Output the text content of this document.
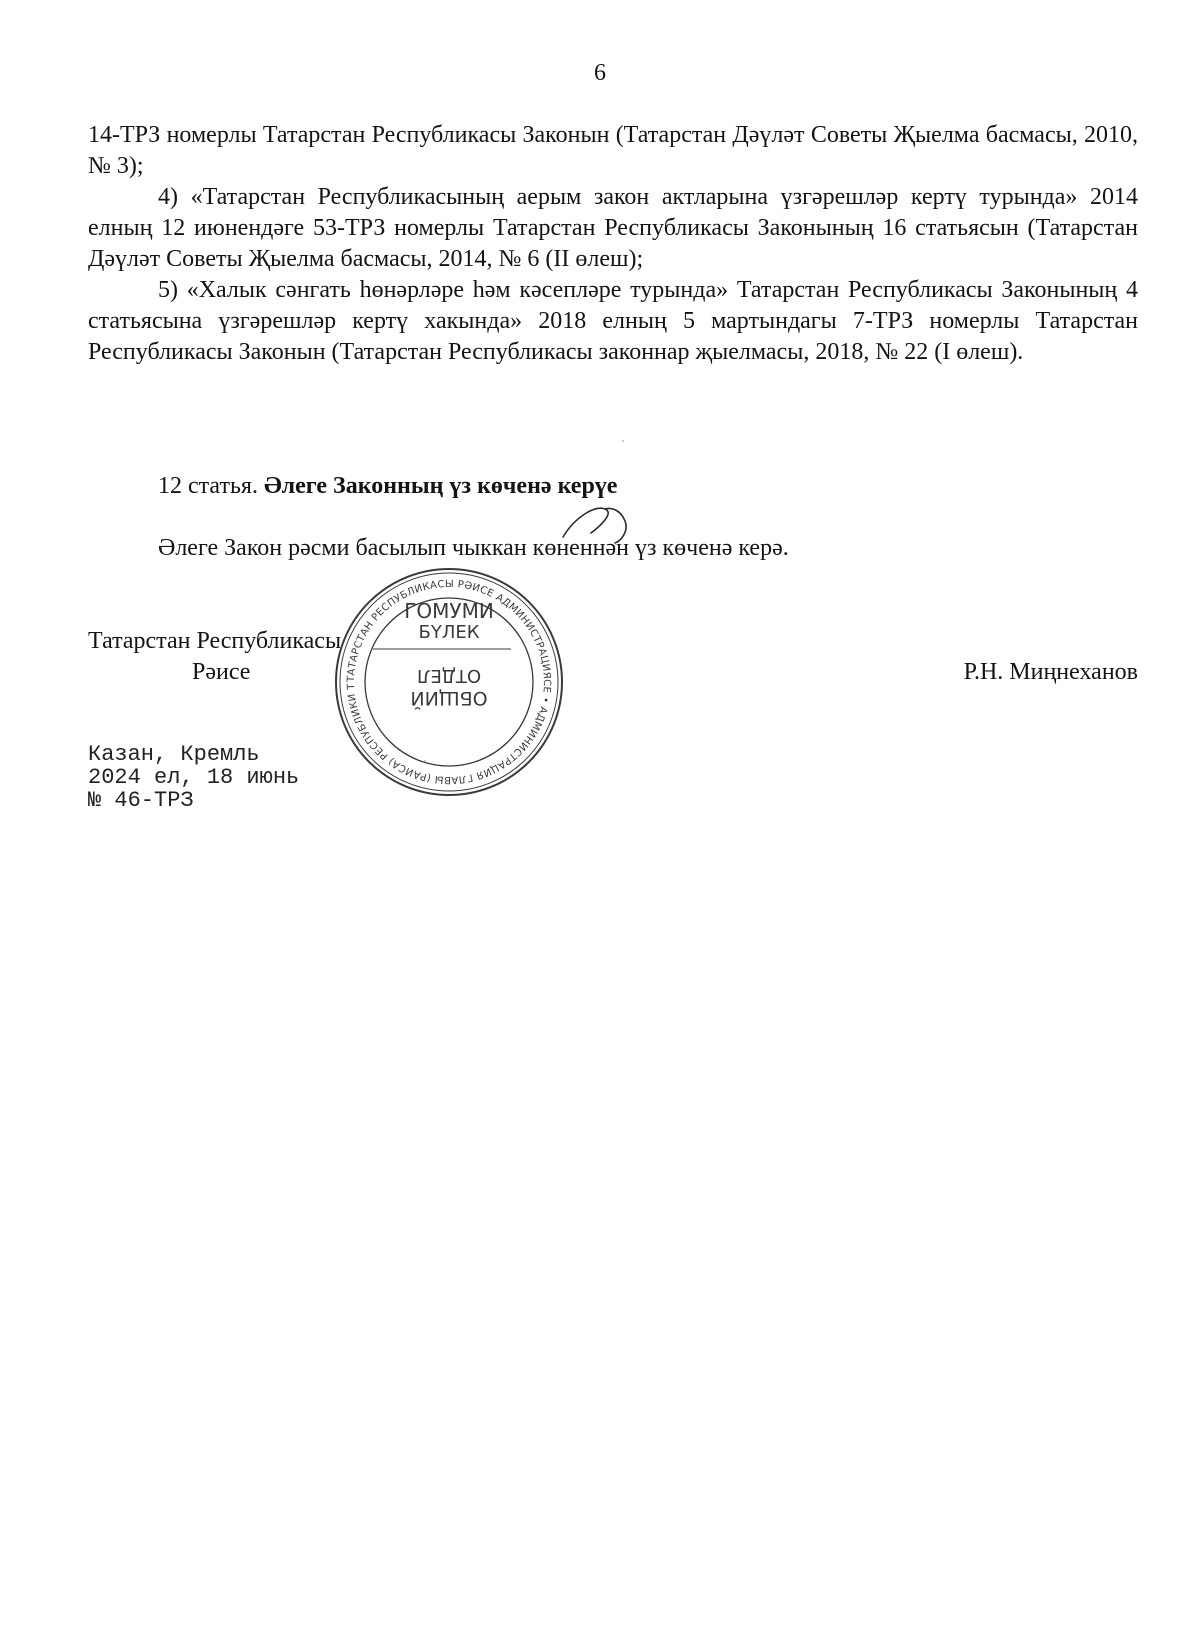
6

14-ТРЗ номерлы Татарстан Республикасы Законын (Татарстан Дәүләт Советы Җыелма басмасы, 2010, № 3);

4) «Татарстан Республикасының аерым закон актларына үзгәрешләр кертү турында» 2014 елның 12 июнендәге 53-ТРЗ номерлы Татарстан Республикасы Законының 16 статьясын (Татарстан Дәүләт Советы Җыелма басмасы, 2014, № 6 (II өлеш);

5) «Халык сәнгать һөнәрләре һәм кәсепләре турында» Татарстан Республикасы Законының 4 статьясына үзгәрешләр кертү хакында» 2018 елның 5 мартындагы 7-ТРЗ номерлы Татарстан Республикасы Законын (Татарстан Республикасы законнар җыелмасы, 2018, № 22 (I өлеш).

12 статья. Әлеге Законның үз көченә керүе
Әлеге Закон рәсми басылып чыккан көненнән үз көченә керә.
Татарстан Республикасы
Рәисе	Р.Н. Миңнеханов
Казан, Кремль
2024 ел, 18 июнь
№ 46-ТРЗ
ТАТАРСТАН РЕСПУБЛИКАСЫ РӘИСЕ АДМИНИСТРАЦИЯСЕ • АДМИНИСТРАЦИЯ ГЛАВЫ (РАИСА) РЕСПУБЛИКИ Т
ГОМУМИ
БҮЛЕК
ОТДЕЛ
ОБЩИЙ
